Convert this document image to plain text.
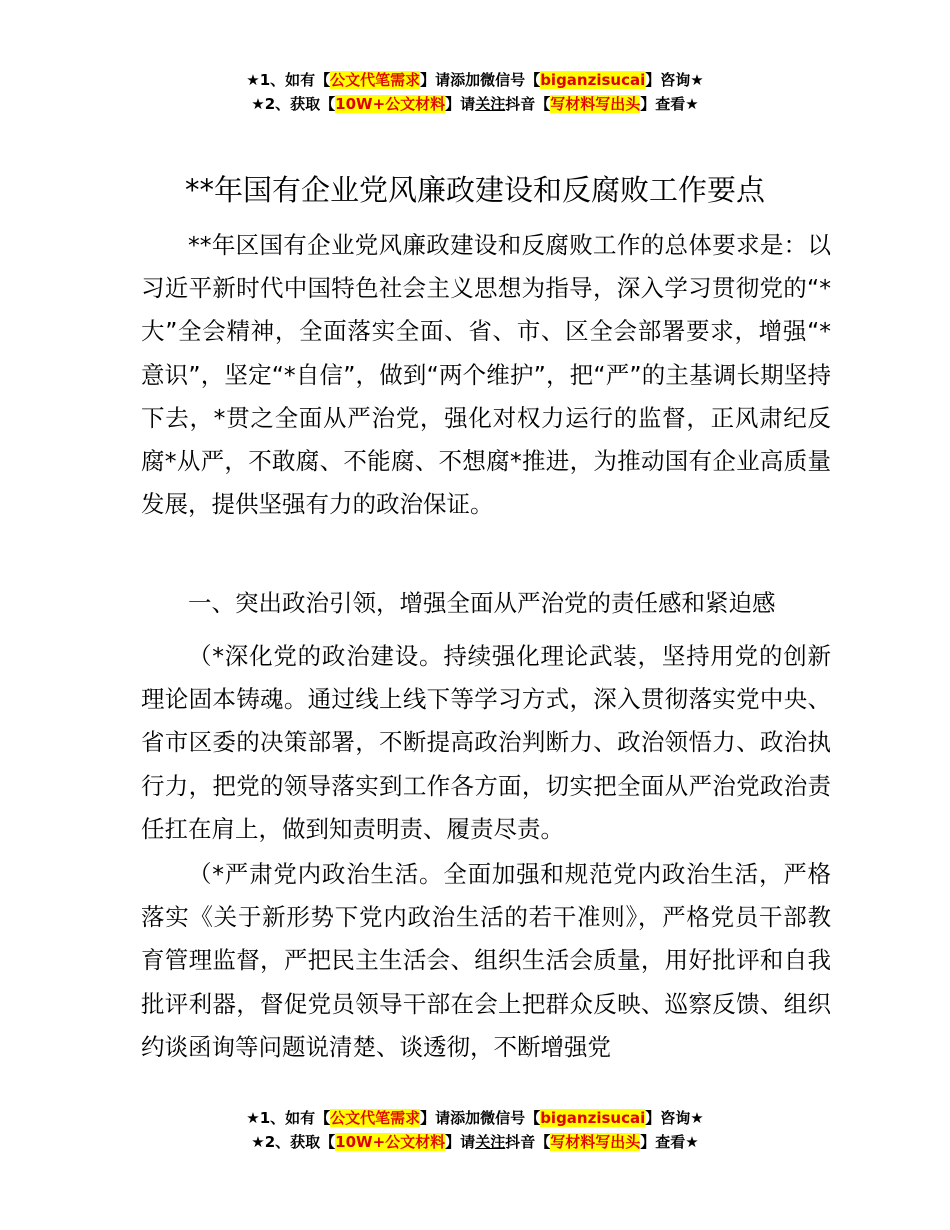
★1、如有【公文代笔需求】请添加微信号【biganzisucai】咨询★
★2、获取【10W+公文材料】请关注抖音【写材料写出头】查看★
**年国有企业党风廉政建设和反腐败工作要点

**年区国有企业党风廉政建设和反腐败工作的总体要求是：以习近平新时代中国特色社会主义思想为指导，深入学习贯彻党的“*大”全会精神，全面落实全面、省、市、区全会部署要求，增强“*意识”，坚定“*自信”，做到“两个维护”，把“严”的主基调长期坚持下去，*贯之全面从严治党，强化对权力运行的监督，正风肃纪反腐*从严，不敢腐、不能腐、不想腐*推进，为推动国有企业高质量发展，提供坚强有力的政治保证。

一、突出政治引领，增强全面从严治党的责任感和紧迫感

（*深化党的政治建设。持续强化理论武装，坚持用党的创新理论固本铸魂。通过线上线下等学习方式，深入贯彻落实党中央、省市区委的决策部署，不断提高政治判断力、政治领悟力、政治执行力，把党的领导落实到工作各方面，切实把全面从严治党政治责任扛在肩上，做到知责明责、履责尽责。

（*严肃党内政治生活。全面加强和规范党内政治生活，严格落实《关于新形势下党内政治生活的若干准则》，严格党员干部教育管理监督，严把民主生活会、组织生活会质量，用好批评和自我批评利器，督促党员领导干部在会上把群众反映、巡察反馈、组织约谈函询等问题说清楚、谈透彻，不断增强党

★1、如有【公文代笔需求】请添加微信号【biganzisucai】咨询★
★2、获取【10W+公文材料】请关注抖音【写材料写出头】查看★
